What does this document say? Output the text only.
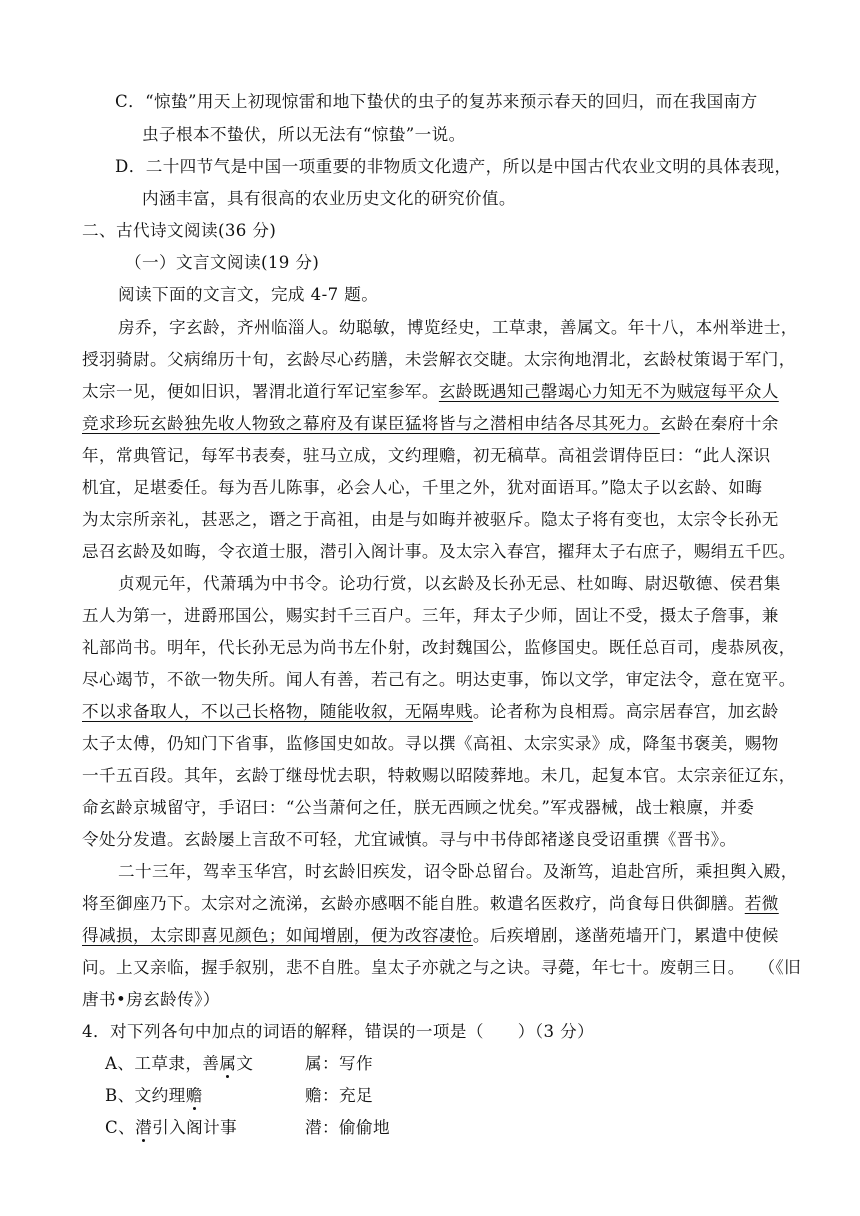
C．“惊蛰”用天上初现惊雷和地下蛰伏的虫子的复苏来预示春天的回归，而在我国南方
虫子根本不蛰伏，所以无法有“惊蛰”一说。
D．二十四节气是中国一项重要的非物质文化遗产，所以是中国古代农业文明的具体表现，
内涵丰富，具有很高的农业历史文化的研究价值。
二、古代诗文阅读(36 分)
（一）文言文阅读(19 分)
阅读下面的文言文，完成 4-7 题。
房乔，字玄龄，齐州临淄人。幼聪敏，博览经史，工草隶，善属文。年十八，本州举进士，
授羽骑尉。父病绵历十旬，玄龄尽心药膳，未尝解衣交睫。太宗徇地渭北，玄龄杖策谒于军门，
太宗一见，便如旧识，署渭北道行军记室参军。玄龄既遇知己罄竭心力知无不为贼寇每平众人
竞求珍玩玄龄独先收人物致之幕府及有谋臣猛将皆与之潜相申结各尽其死力。玄龄在秦府十余
年，常典管记，每军书表奏，驻马立成，文约理赡，初无稿草。高祖尝谓侍臣曰：“此人深识
机宜，足堪委任。每为吾儿陈事，必会人心，千里之外，犹对面语耳。”隐太子以玄龄、如晦
为太宗所亲礼，甚恶之，谮之于高祖，由是与如晦并被驱斥。隐太子将有变也，太宗令长孙无
忌召玄龄及如晦，令衣道士服，潜引入阁计事。及太宗入春宫，擢拜太子右庶子，赐绢五千匹。
贞观元年，代萧瑀为中书令。论功行赏，以玄龄及长孙无忌、杜如晦、尉迟敬德、侯君集
五人为第一，进爵邢国公，赐实封千三百户。三年，拜太子少师，固让不受，摄太子詹事，兼
礼部尚书。明年，代长孙无忌为尚书左仆射，改封魏国公，监修国史。既任总百司，虔恭夙夜，
尽心竭节，不欲一物失所。闻人有善，若己有之。明达吏事，饰以文学，审定法令，意在宽平。
不以求备取人，不以己长格物，随能收叙，无隔卑贱。论者称为良相焉。高宗居春宫，加玄龄
太子太傅，仍知门下省事，监修国史如故。寻以撰《高祖、太宗实录》成，降玺书褒美，赐物
一千五百段。其年，玄龄丁继母忧去职，特敕赐以昭陵葬地。未几，起复本官。太宗亲征辽东，
命玄龄京城留守，手诏曰：“公当萧何之任，朕无西顾之忧矣。”军戎器械，战士粮廪，并委
令处分发遣。玄龄屡上言敌不可轻，尤宜诫慎。寻与中书侍郎褚遂良受诏重撰《晋书》。
二十三年，驾幸玉华宫，时玄龄旧疾发，诏令卧总留台。及渐笃，追赴宫所，乘担舆入殿，
将至御座乃下。太宗对之流涕，玄龄亦感咽不能自胜。敕遣名医救疗，尚食每日供御膳。若微
得减损，太宗即喜见颜色；如闻增剧，便为改容凄怆。后疾增剧，遂凿苑墙开门，累遣中使候
问。上又亲临，握手叙别，悲不自胜。皇太子亦就之与之诀。寻薨，年七十。废朝三日。 （《旧
唐书•房玄龄传》）
4．对下列各句中加点的词语的解释，错误的一项是（　　）（3 分）
A、工草隶，善属文	属：写作
B、文约理赡	赡：充足
C、潜引入阁计事	潜：偷偷地
